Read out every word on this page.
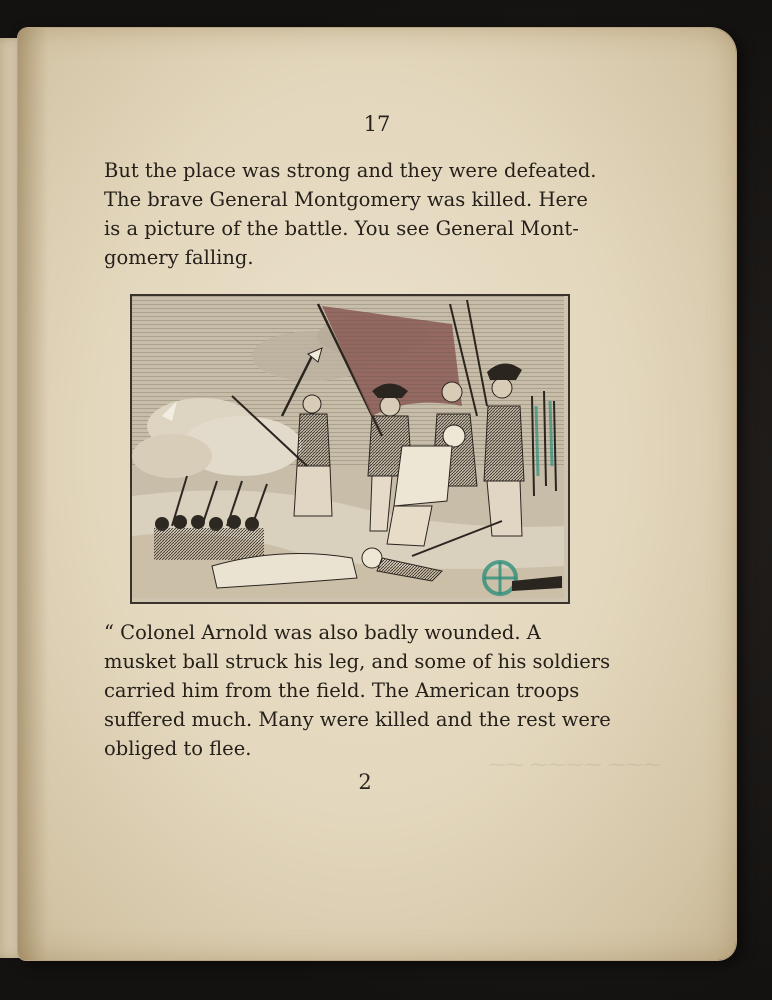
⁓⁓ ⁓⁓⁓⁓ ⁓⁓⁓
17
But the place was strong and they were defeated.
The brave General Montgomery was killed. Here
is a picture of the battle. You see General Mont-
gomery falling.
“ Colonel Arnold was also badly wounded. A
musket ball struck his leg, and some of his soldiers
carried him from the field. The American troops
suffered much. Many were killed and the rest were
obliged to flee.
2
